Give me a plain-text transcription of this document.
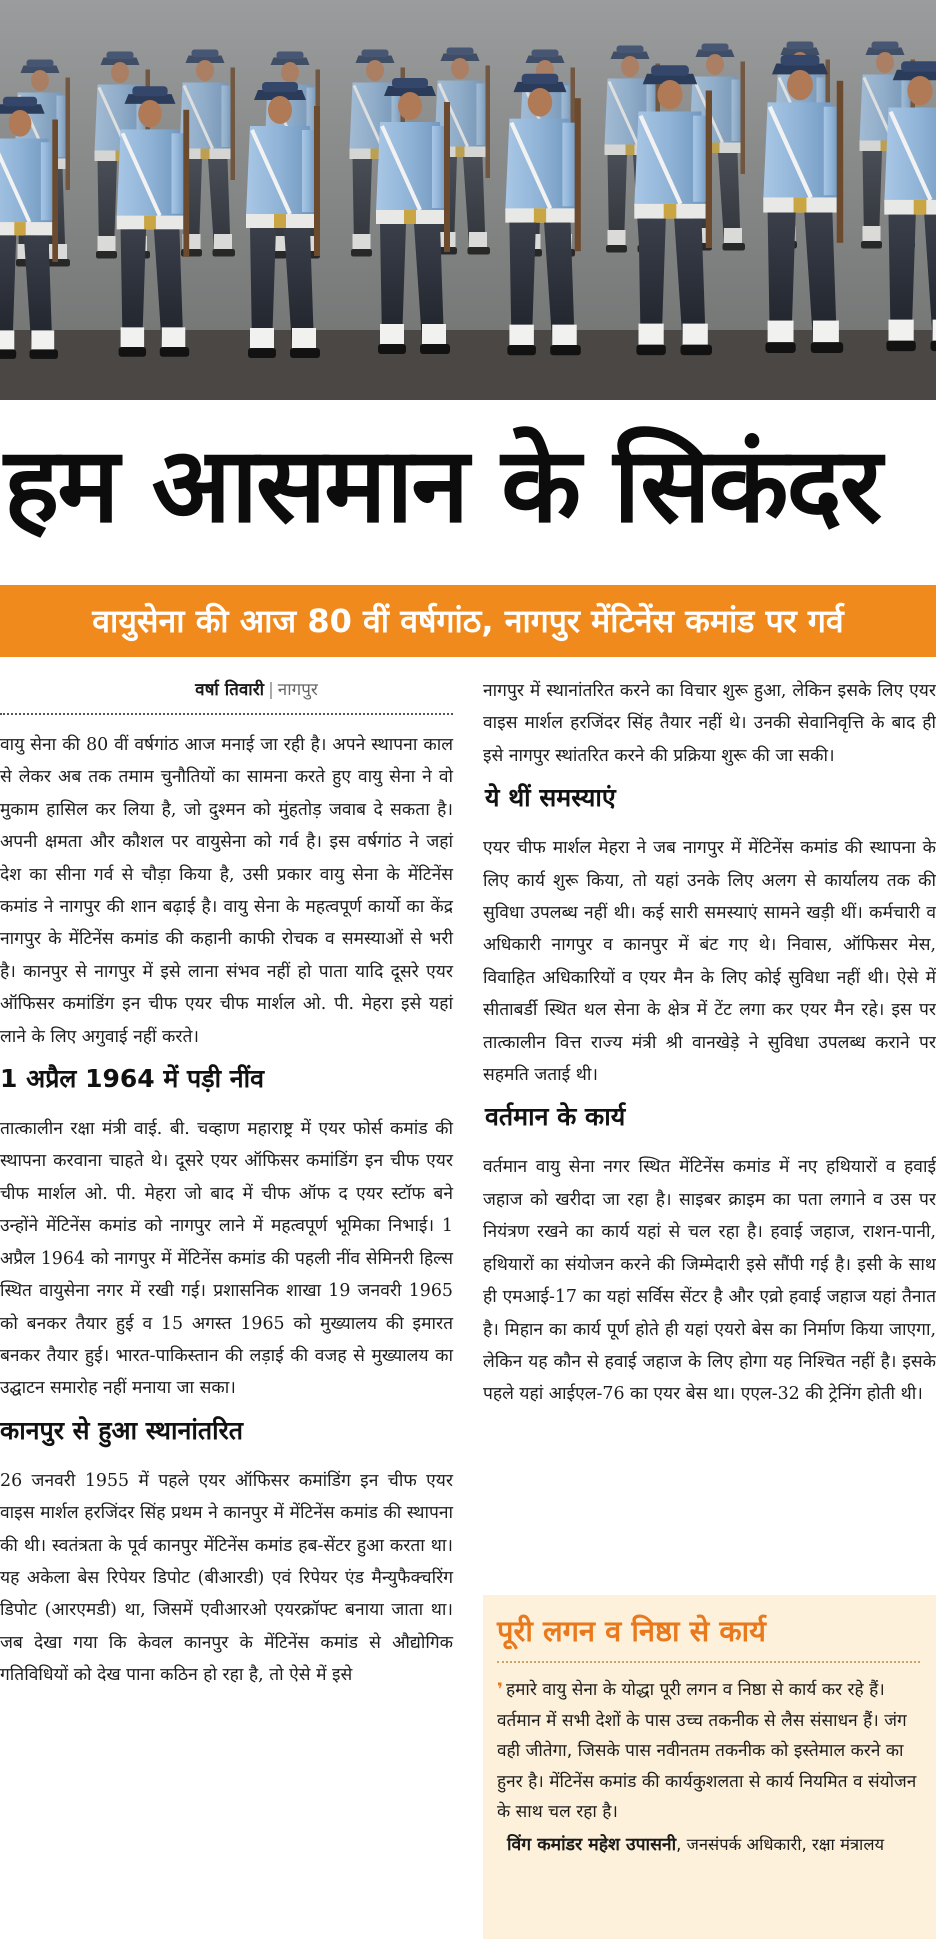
हम आसमान के सिकंदर
वायुसेना की आज 80 वीं वर्षगांठ, नागपुर मेंटिनेंस कमांड पर गर्व
वर्षा तिवारी | नागपुर

वायु सेना की 80 वीं वर्षगांठ आज मनाई जा रही है। अपने स्थापना काल से लेकर अब तक तमाम चुनौतियों का सामना करते हुए वायु सेना ने वो मुकाम हासिल कर लिया है, जो दुश्मन को मुंहतोड़ जवाब दे सकता है। अपनी क्षमता और कौशल पर वायुसेना को गर्व है। इस वर्षगांठ ने जहां देश का सीना गर्व से चौड़ा किया है, उसी प्रकार वायु सेना के मेंटिनेंस कमांड ने नागपुर की शान बढ़ाई है। वायु सेना के महत्वपूर्ण कार्यो का केंद्र नागपुर के मेंटिनेंस कमांड की कहानी काफी रोचक व समस्याओं से भरी है। कानपुर से नागपुर में इसे लाना संभव नहीं हो पाता यादि दूसरे एयर ऑफिसर कमांडिंग इन चीफ एयर चीफ मार्शल ओ. पी. मेहरा इसे यहां लाने के लिए अगुवाई नहीं करते।

1 अप्रैल 1964 में पड़ी नींव

तात्कालीन रक्षा मंत्री वाई. बी. चव्हाण महाराष्ट्र में एयर फोर्स कमांड की स्थापना करवाना चाहते थे। दूसरे एयर ऑफिसर कमांडिंग इन चीफ एयर चीफ मार्शल ओ. पी. मेहरा जो बाद में चीफ ऑफ द एयर स्टॉफ बने उन्होंने मेंटिनेंस कमांड को नागपुर लाने में महत्वपूर्ण भूमिका निभाई। 1 अप्रैल 1964 को नागपुर में मेंटिनेंस कमांड की पहली नींव सेमिनरी हिल्स स्थित वायुसेना नगर में रखी गई। प्रशासनिक शाखा 19 जनवरी 1965 को बनकर तैयार हुई व 15 अगस्त 1965 को मुख्यालय की इमारत बनकर तैयार हुई। भारत-पाकिस्तान की लड़ाई की वजह से मुख्यालय का उद्घाटन समारोह नहीं मनाया जा सका।

कानपुर से हुआ स्थानांतरित

26 जनवरी 1955 में पहले एयर ऑफिसर कमांडिंग इन चीफ एयर वाइस मार्शल हरजिंदर सिंह प्रथम ने कानपुर में मेंटिनेंस कमांड की स्थापना की थी। स्वतंत्रता के पूर्व कानपुर मेंटिनेंस कमांड हब-सेंटर हुआ करता था। यह अकेला बेस रिपेयर डिपोट (बीआरडी) एवं रिपेयर एंड मैन्युफैक्चरिंग डिपोट (आरएमडी) था, जिसमें एवीआरओ एयरक्रॉफ्ट बनाया जाता था। जब देखा गया कि केवल कानपुर के मेंटिनेंस कमांड से औद्योगिक गतिविधियों को देख पाना कठिन हो रहा है, तो ऐसे में इसे

नागपुर में स्थानांतरित करने का विचार शुरू हुआ, लेकिन इसके लिए एयर वाइस मार्शल हरजिंदर सिंह तैयार नहीं थे। उनकी सेवानिवृत्ति के बाद ही इसे नागपुर स्थांतरित करने की प्रक्रिया शुरू की जा सकी।

ये थीं समस्याएं

एयर चीफ मार्शल मेहरा ने जब नागपुर में मेंटिनेंस कमांड की स्थापना के लिए कार्य शुरू किया, तो यहां उनके लिए अलग से कार्यालय तक की सुविधा उपलब्ध नहीं थी। कई सारी समस्याएं सामने खड़ी थीं। कर्मचारी व अधिकारी नागपुर व कानपुर में बंट गए थे। निवास, ऑफिसर मेस, विवाहित अधिकारियों व एयर मैन के लिए कोई सुविधा नहीं थी। ऐसे में सीताबर्डी स्थित थल सेना के क्षेत्र में टेंट लगा कर एयर मैन रहे। इस पर तात्कालीन वित्त राज्य मंत्री श्री वानखेड़े ने सुविधा उपलब्ध कराने पर सहमति जताई थी।

वर्तमान के कार्य

वर्तमान वायु सेना नगर स्थित मेंटिनेंस कमांड में नए हथियारों व हवाई जहाज को खरीदा जा रहा है। साइबर क्राइम का पता लगाने व उस पर नियंत्रण रखने का कार्य यहां से चल रहा है। हवाई जहाज, राशन-पानी, हथियारों का संयोजन करने की जिम्मेदारी इसे सौंपी गई है। इसी के साथ ही एमआई-17 का यहां सर्विस सेंटर है और एव्रो हवाई जहाज यहां तैनात है। मिहान का कार्य पूर्ण होते ही यहां एयरो बेस का निर्माण किया जाएगा, लेकिन यह कौन से हवाई जहाज के लिए होगा यह निश्चित नहीं है। इसके पहले यहां आईएल-76 का एयर बेस था। एएल-32 की ट्रेनिंग होती थी।

पूरी लगन व निष्ठा से कार्य
❜ हमारे वायु सेना के योद्धा पूरी लगन व निष्ठा से कार्य कर रहे हैं। वर्तमान में सभी देशों के पास उच्च तकनीक से लैस संसाधन हैं। जंग वही जीतेगा, जिसके पास नवीनतम तकनीक को इस्तेमाल करने का हुनर है। मेंटिनेंस कमांड की कार्यकुशलता से कार्य नियमित व संयोजन के साथ चल रहा है।
विंग कमांडर महेश उपासनी, जनसंपर्क अधिकारी, रक्षा मंत्रालय
